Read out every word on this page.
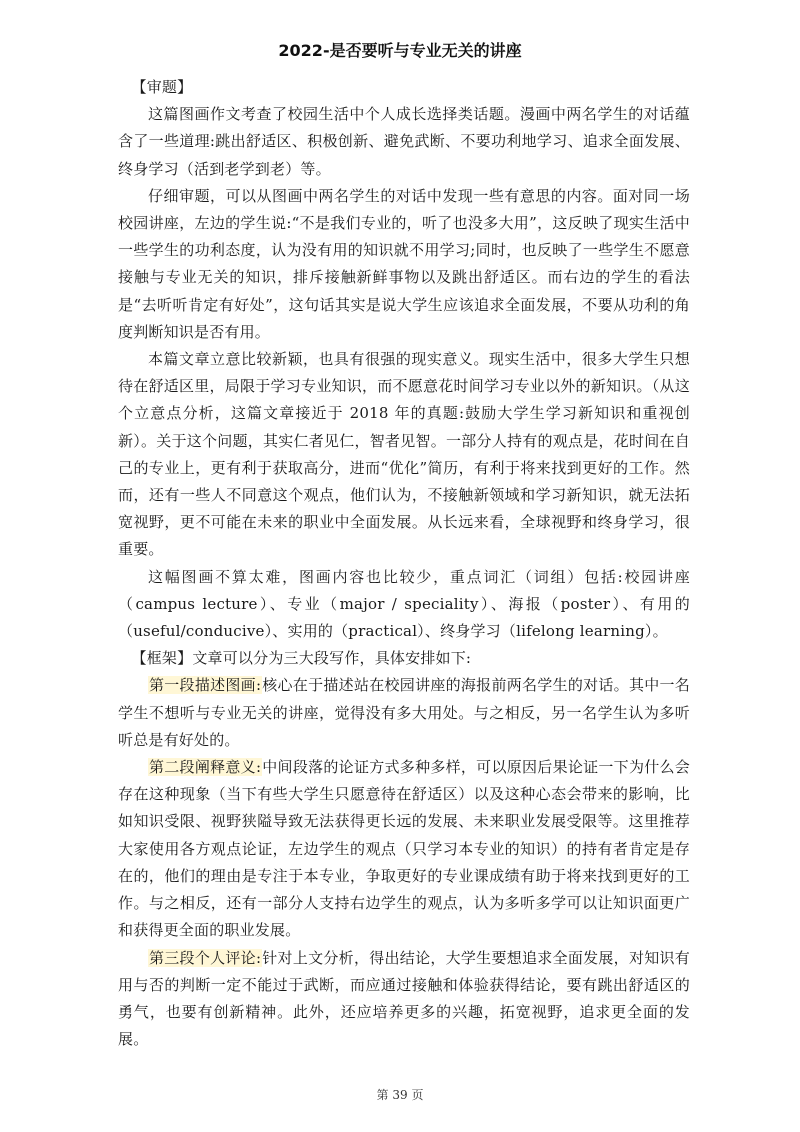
2022-是否要听与专业无关的讲座

【审题】

这篇图画作文考查了校园生活中个人成长选择类话题。漫画中两名学生的对话蕴含了一些道理:跳出舒适区、积极创新、避免武断、不要功利地学习、追求全面发展、终身学习（活到老学到老）等。

仔细审题，可以从图画中两名学生的对话中发现一些有意思的内容。面对同一场校园讲座，左边的学生说:“不是我们专业的，听了也没多大用”，这反映了现实生活中一些学生的功利态度，认为没有用的知识就不用学习;同时，也反映了一些学生不愿意接触与专业无关的知识，排斥接触新鲜事物以及跳出舒适区。而右边的学生的看法是“去听听肯定有好处”，这句话其实是说大学生应该追求全面发展，不要从功利的角度判断知识是否有用。

本篇文章立意比较新颖，也具有很强的现实意义。现实生活中，很多大学生只想待在舒适区里，局限于学习专业知识，而不愿意花时间学习专业以外的新知识。（从这个立意点分析，这篇文章接近于 2018 年的真题:鼓励大学生学习新知识和重视创新）。关于这个问题，其实仁者见仁，智者见智。一部分人持有的观点是，花时间在自己的专业上，更有利于获取高分，进而“优化”简历，有利于将来找到更好的工作。然而，还有一些人不同意这个观点，他们认为，不接触新领域和学习新知识，就无法拓宽视野，更不可能在未来的职业中全面发展。从长远来看，全球视野和终身学习，很重要。

这幅图画不算太难，图画内容也比较少，重点词汇（词组）包括:校园讲座（campus lecture）、专业（major / speciality）、海报（poster）、有用的（useful/conducive）、实用的（practical）、终身学习（lifelong learning）。

【框架】文章可以分为三大段写作，具体安排如下:

第一段描述图画:核心在于描述站在校园讲座的海报前两名学生的对话。其中一名学生不想听与专业无关的讲座，觉得没有多大用处。与之相反，另一名学生认为多听听总是有好处的。

第二段阐释意义:中间段落的论证方式多种多样，可以原因后果论证一下为什么会存在这种现象（当下有些大学生只愿意待在舒适区）以及这种心态会带来的影响，比如知识受限、视野狭隘导致无法获得更长远的发展、未来职业发展受限等。这里推荐大家使用各方观点论证，左边学生的观点（只学习本专业的知识）的持有者肯定是存在的，他们的理由是专注于本专业，争取更好的专业课成绩有助于将来找到更好的工作。与之相反，还有一部分人支持右边学生的观点，认为多听多学可以让知识面更广和获得更全面的职业发展。

第三段个人评论:针对上文分析，得出结论，大学生要想追求全面发展，对知识有用与否的判断一定不能过于武断，而应通过接触和体验获得结论，要有跳出舒适区的勇气，也要有创新精神。此外，还应培养更多的兴趣，拓宽视野，追求更全面的发展。

第 39 页
